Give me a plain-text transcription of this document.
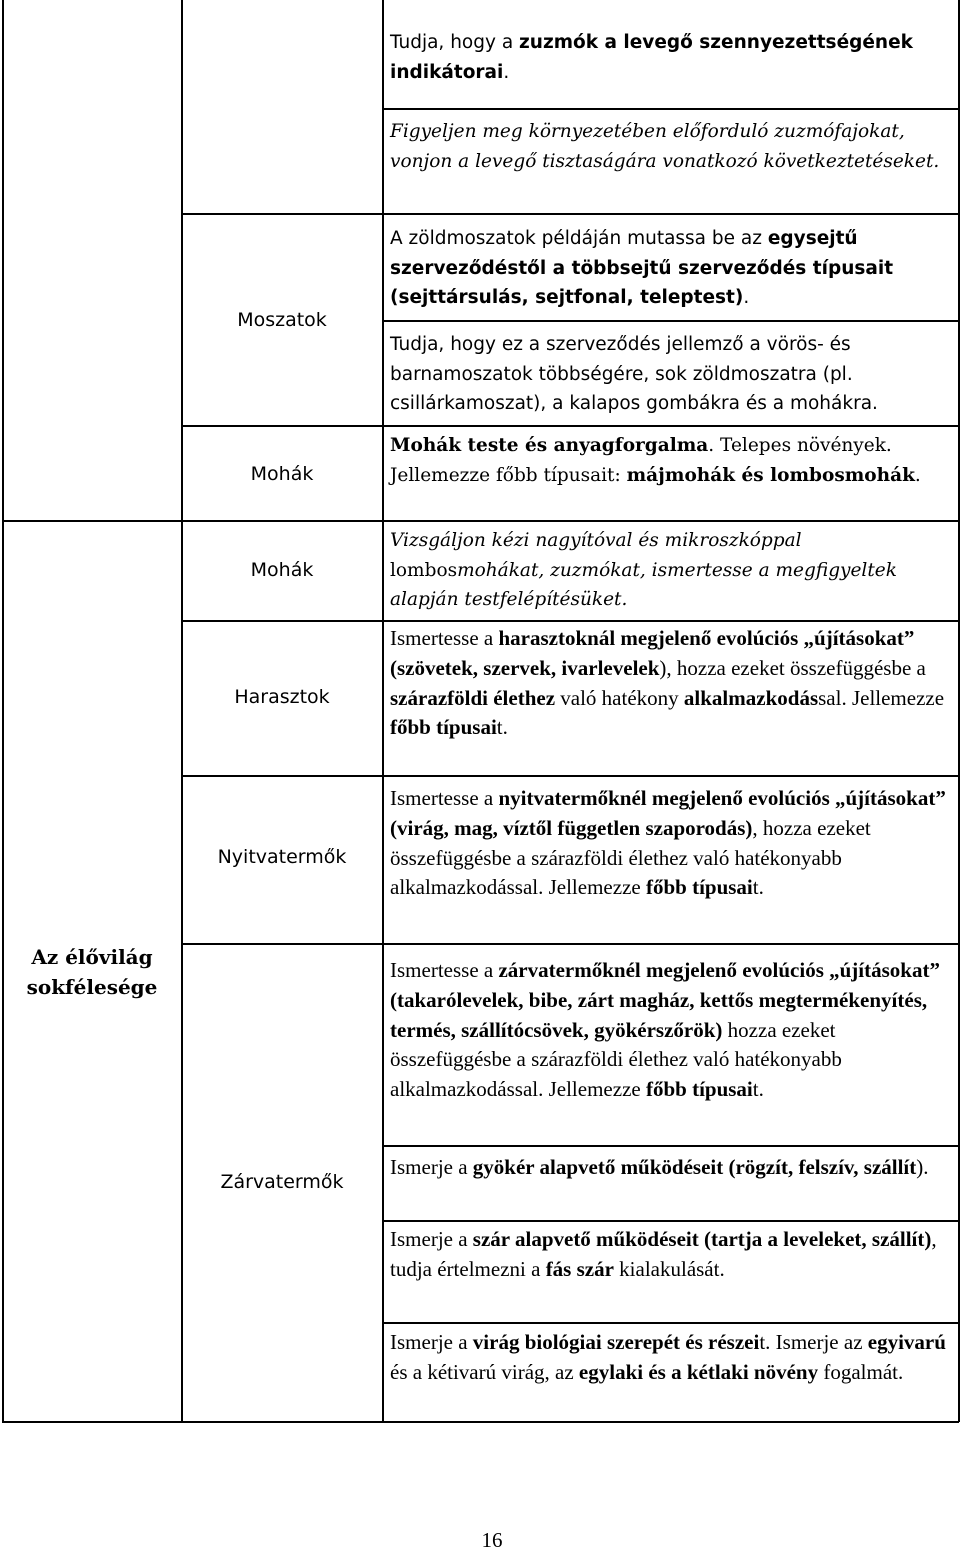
Az élővilág
sokfélesége
Moszatok
Mohák
Mohák
Harasztok
Nyitvatermők
Zárvatermők
Tudja, hogy a zuzmók a levegő szennyezettségének indikátorai.
Figyeljen meg környezetében előforduló zuzmófajokat, vonjon a levegő tisztaságára vonatkozó következtetéseket.
A zöldmoszatok példáján mutassa be az egysejtű szerveződéstől a többsejtű szerveződés típusait (sejttársulás, sejtfonal, teleptest).
Tudja, hogy ez a szerveződés jellemző a vörös- és barnamoszatok többségére, sok zöldmoszatra (pl. csillárkamoszat), a kalapos gombákra és a mohákra.
Mohák teste és anyagforgalma. Telepes növények. Jellemezze főbb típusait: májmohák és lombosmohák.
Vizsgáljon kézi nagyítóval és mikroszkóppal lombosmohákat, zuzmókat, ismertesse a megfigyeltek alapján testfelépítésüket.
Ismertesse a harasztoknál megjelenő evolúciós „újításokat” (szövetek, szervek, ivarlevelek), hozza ezeket összefüggésbe a szárazföldi élethez való hatékony alkalmazkodással. Jellemezze főbb típusait.
Ismertesse a nyitvatermőknél megjelenő evolúciós „újításokat” (virág, mag, víztől független szaporodás), hozza ezeket összefüggésbe a szárazföldi élethez való hatékonyabb alkalmazkodással. Jellemezze főbb típusait.
Ismertesse a zárvatermőknél megjelenő evolúciós „újításokat” (takarólevelek, bibe, zárt magház, kettős megtermékenyítés, termés, szállítócsövek, gyökérszőrök) hozza ezeket összefüggésbe a szárazföldi élethez való hatékonyabb alkalmazkodással. Jellemezze főbb típusait.
Ismerje a gyökér alapvető működéseit (rögzít, felszív, szállít).
Ismerje a szár alapvető működéseit (tartja a leveleket, szállít), tudja értelmezni a fás szár kialakulását.
Ismerje a virág biológiai szerepét és részeit. Ismerje az egyivarú és a kétivarú virág, az egylaki és a kétlaki növény fogalmát.
16
